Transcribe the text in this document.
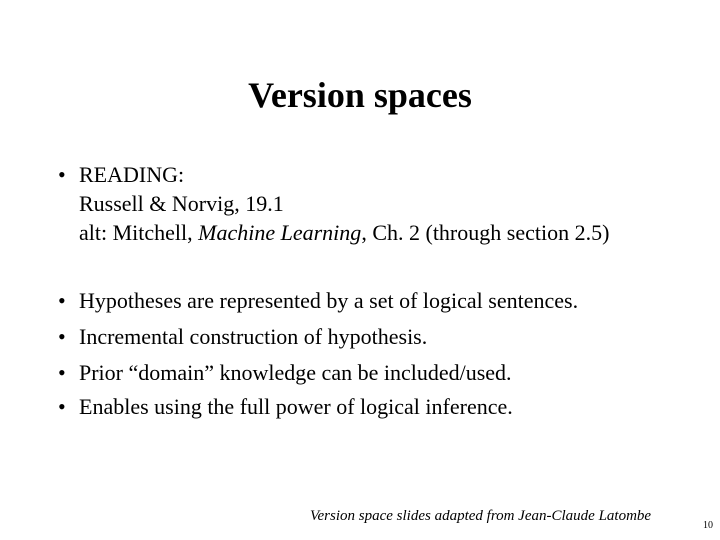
Version spaces
• READING:
Russell & Norvig, 19.1
alt: Mitchell, Machine Learning, Ch. 2 (through section 2.5)
• Hypotheses are represented by a set of logical sentences.
• Incremental construction of hypothesis.
• Prior “domain” knowledge can be included/used.
• Enables using the full power of logical inference.
Version space slides adapted from Jean-Claude Latombe
10
